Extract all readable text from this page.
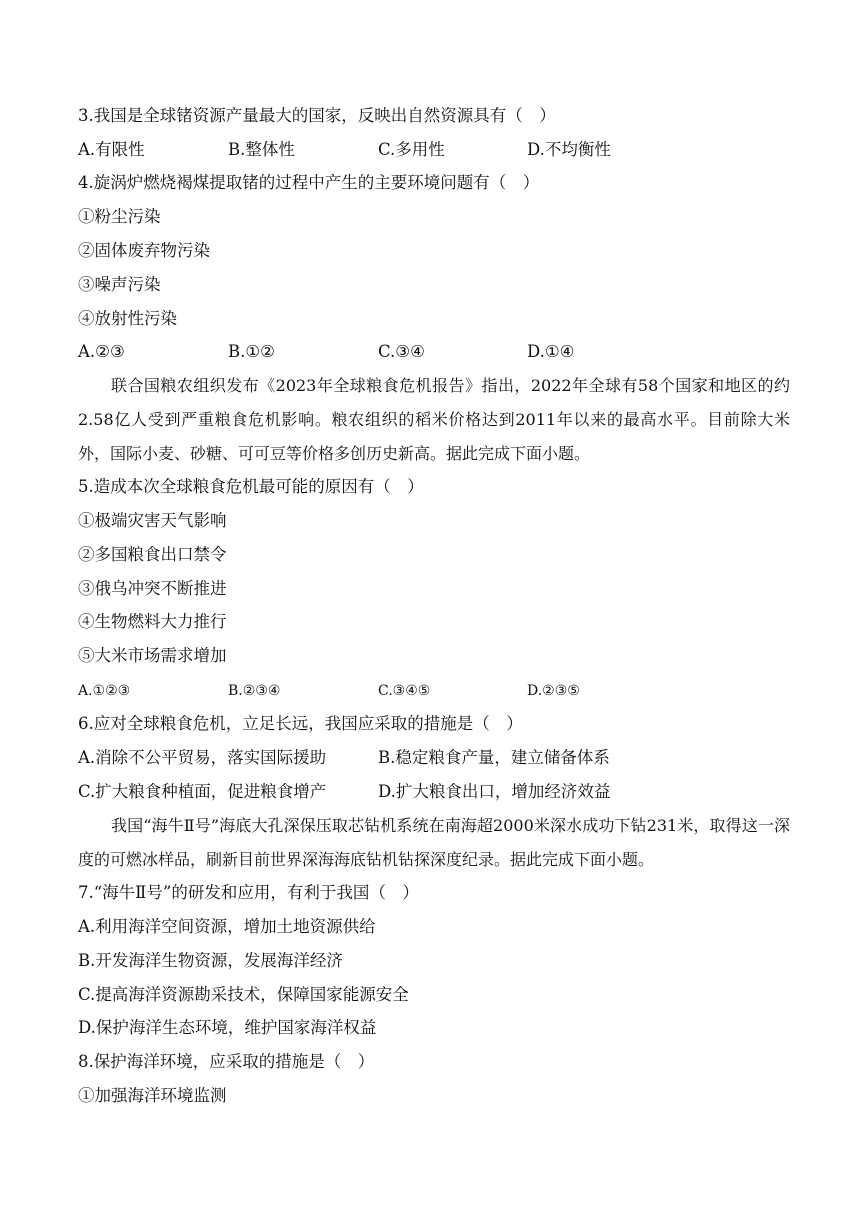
3.我国是全球锗资源产量最大的国家，反映出自然资源具有（　）
A.有限性	B.整体性	C.多用性	D.不均衡性
4.旋涡炉燃烧褐煤提取锗的过程中产生的主要环境问题有（　）
①粉尘污染
②固体废弃物污染
③噪声污染
④放射性污染
A.②③	B.①②	C.③④	D.①④
联合国粮农组织发布《2023年全球粮食危机报告》指出，2022年全球有58个国家和地区的约2.58亿人受到严重粮食危机影响。粮农组织的稻米价格达到2011年以来的最高水平。目前除大米外，国际小麦、砂糖、可可豆等价格多创历史新高。据此完成下面小题。
5.造成本次全球粮食危机最可能的原因有（　）
①极端灾害天气影响
②多国粮食出口禁令
③俄乌冲突不断推进
④生物燃料大力推行
⑤大米市场需求增加
A.①②③	B.②③④	C.③④⑤	D.②③⑤
6.应对全球粮食危机，立足长远，我国应采取的措施是（　）
A.消除不公平贸易，落实国际援助	B.稳定粮食产量，建立储备体系
C.扩大粮食种植面，促进粮食增产	D.扩大粮食出口，增加经济效益
我国“海牛Ⅱ号”海底大孔深保压取芯钻机系统在南海超2000米深水成功下钻231米，取得这一深度的可燃冰样品，刷新目前世界深海海底钻机钻探深度纪录。据此完成下面小题。
7.“海牛Ⅱ号”的研发和应用，有利于我国（　）
A.利用海洋空间资源，增加土地资源供给
B.开发海洋生物资源，发展海洋经济
C.提高海洋资源勘采技术，保障国家能源安全
D.保护海洋生态环境，维护国家海洋权益
8.保护海洋环境，应采取的措施是（　）
①加强海洋环境监测
